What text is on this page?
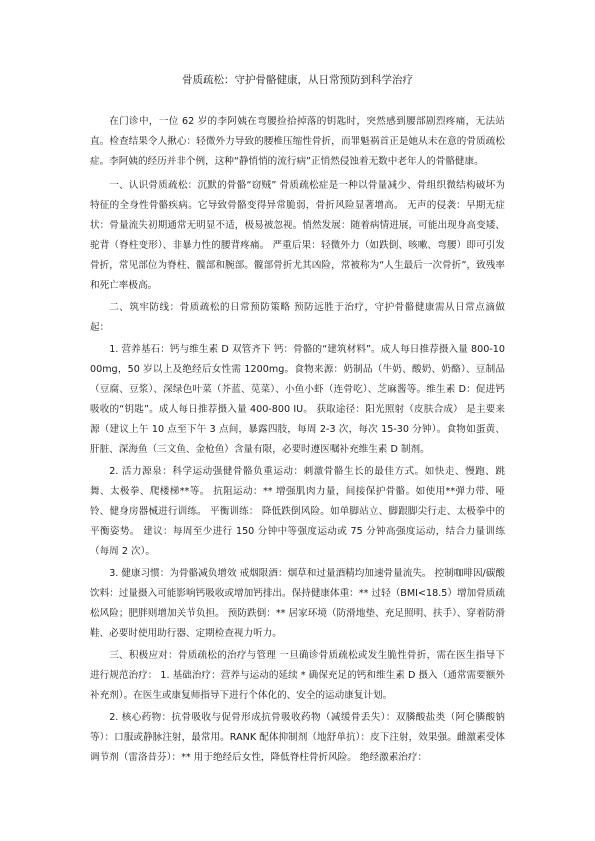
骨质疏松：守护骨骼健康，从日常预防到科学治疗

在门诊中，一位 62 岁的李阿姨在弯腰捡拾掉落的钥匙时，突然感到腰部剧烈疼痛，无法站直。检查结果令人揪心：轻微外力导致的腰椎压缩性骨折，而罪魁祸首正是她从未在意的骨质疏松症。李阿姨的经历并非个例，这种“静悄悄的流行病”正悄然侵蚀着无数中老年人的骨骼健康。

一、认识骨质疏松：沉默的骨骼“窃贼” 骨质疏松症是一种以骨量减少、骨组织微结构破坏为特征的全身性骨骼疾病。它导致骨骼变得异常脆弱，骨折风险显著增高。 无声的侵袭：早期无症状：骨量流失初期通常无明显不适，极易被忽视。悄然发展：随着病情进展，可能出现身高变矮、驼背（脊柱变形）、非暴力性的腰背疼痛。 严重后果：轻微外力（如跌倒、咳嗽、弯腰）即可引发骨折，常见部位为脊柱、髋部和腕部。髋部骨折尤其凶险，常被称为“人生最后一次骨折”，致残率和死亡率极高。

二、筑牢防线：骨质疏松的日常预防策略 预防远胜于治疗，守护骨骼健康需从日常点滴做起：

1. 营养基石：钙与维生素 D 双管齐下 钙：骨骼的“建筑材料”。成人每日推荐摄入量 800-1000mg，50 岁以上及绝经后女性需 1200mg。食物来源：奶制品（牛奶、酸奶、奶酪）、豆制品（豆腐、豆浆）、深绿色叶菜（芥蓝、苋菜）、小鱼小虾（连骨吃）、芝麻酱等。维生素 D：促进钙吸收的“钥匙”。成人每日推荐摄入量 400-800 IU。 获取途径：阳光照射（皮肤合成） 是主要来源（建议上午 10 点至下午 3 点间，暴露四肢，每周 2-3 次，每次 15-30 分钟）。食物如蛋黄、肝脏、深海鱼（三文鱼、金枪鱼）含量有限，必要时遵医嘱补充维生素 D 制剂。

2. 活力源泉：科学运动强健骨骼负重运动：刺激骨骼生长的最佳方式。如快走、慢跑、跳舞、太极拳、爬楼梯**等。 抗阻运动：** 增强肌肉力量，间接保护骨骼。如使用**弹力带、哑铃、健身房器械进行训练。 平衡训练： 降低跌倒风险。如单脚站立、脚跟脚尖行走、太极拳中的平衡姿势。 建议：每周至少进行 150 分钟中等强度运动或 75 分钟高强度运动，结合力量训练（每周 2 次）。

3. 健康习惯：为骨骼减负增效 戒烟限酒：烟草和过量酒精均加速骨量流失。 控制咖啡因/碳酸饮料：过量摄入可能影响钙吸收或增加钙排出。保持健康体重：** 过轻（BMI<18.5）增加骨质疏松风险；肥胖则增加关节负担。 预防跌倒：** 居家环境（防滑地垫、充足照明、扶手）、穿着防滑鞋、必要时使用助行器、定期检查视力听力。

三、积极应对：骨质疏松的治疗与管理 一旦确诊骨质疏松或发生脆性骨折，需在医生指导下进行规范治疗： 1. 基础治疗：营养与运动的延续 * 确保充足的钙和维生素 D 摄入（通常需要额外补充剂）。在医生或康复师指导下进行个体化的、安全的运动康复计划。

2. 核心药物：抗骨吸收与促骨形成抗骨吸收药物（减缓骨丢失）：双膦酸盐类（阿仑膦酸钠等）：口服或静脉注射，最常用。RANK 配体抑制剂（地舒单抗）：皮下注射，效果强。雌激素受体调节剂（雷洛昔芬）：** 用于绝经后女性，降低脊柱骨折风险。 绝经激素治疗：
